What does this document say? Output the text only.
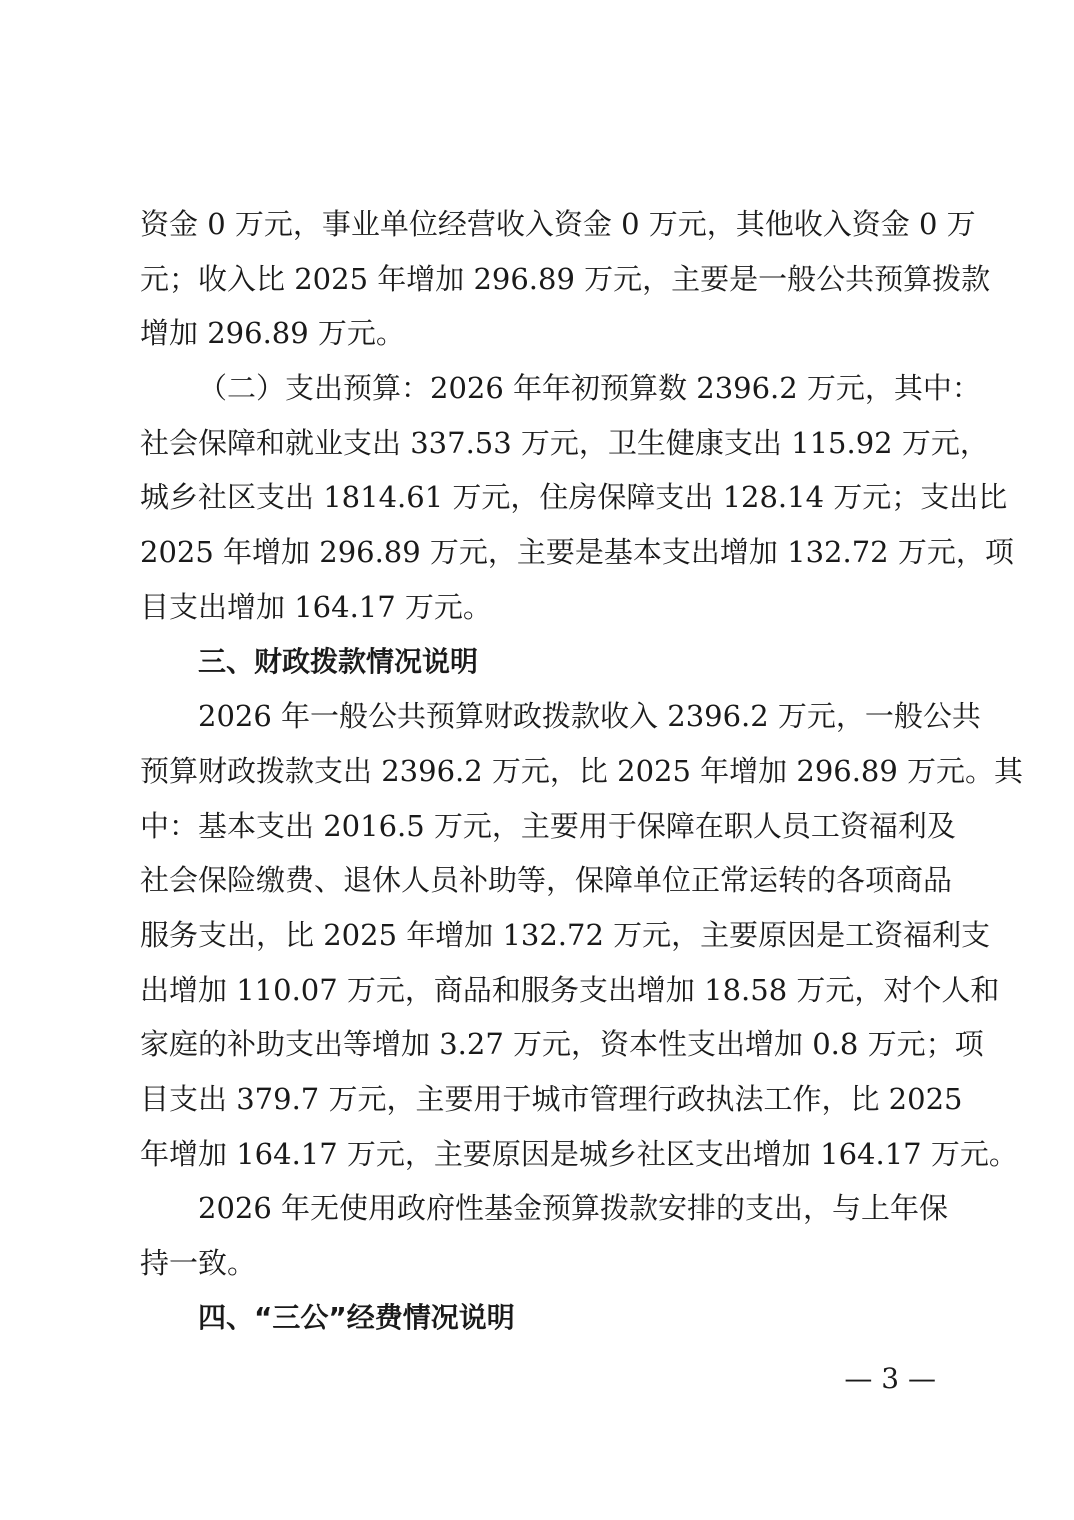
资金 0 万元，事业单位经营收入资金 0 万元，其他收入资金 0 万
元；收入比 2025 年增加 296.89 万元，主要是一般公共预算拨款
增加 296.89 万元。
（二）支出预算：2026 年年初预算数 2396.2 万元，其中：
社会保障和就业支出 337.53 万元，卫生健康支出 115.92 万元，
城乡社区支出 1814.61 万元，住房保障支出 128.14 万元；支出比
2025 年增加 296.89 万元，主要是基本支出增加 132.72 万元，项
目支出增加 164.17 万元。
三、财政拨款情况说明
2026 年一般公共预算财政拨款收入 2396.2 万元，一般公共
预算财政拨款支出 2396.2 万元，比 2025 年增加 296.89 万元。其
中：基本支出 2016.5 万元，主要用于保障在职人员工资福利及
社会保险缴费、退休人员补助等，保障单位正常运转的各项商品
服务支出，比 2025 年增加 132.72 万元，主要原因是工资福利支
出增加 110.07 万元，商品和服务支出增加 18.58 万元，对个人和
家庭的补助支出等增加 3.27 万元，资本性支出增加 0.8 万元；项
目支出 379.7 万元，主要用于城市管理行政执法工作，比 2025
年增加 164.17 万元，主要原因是城乡社区支出增加 164.17 万元。
2026 年无使用政府性基金预算拨款安排的支出，与上年保
持一致。
四、“三公”经费情况说明
— 3 —
